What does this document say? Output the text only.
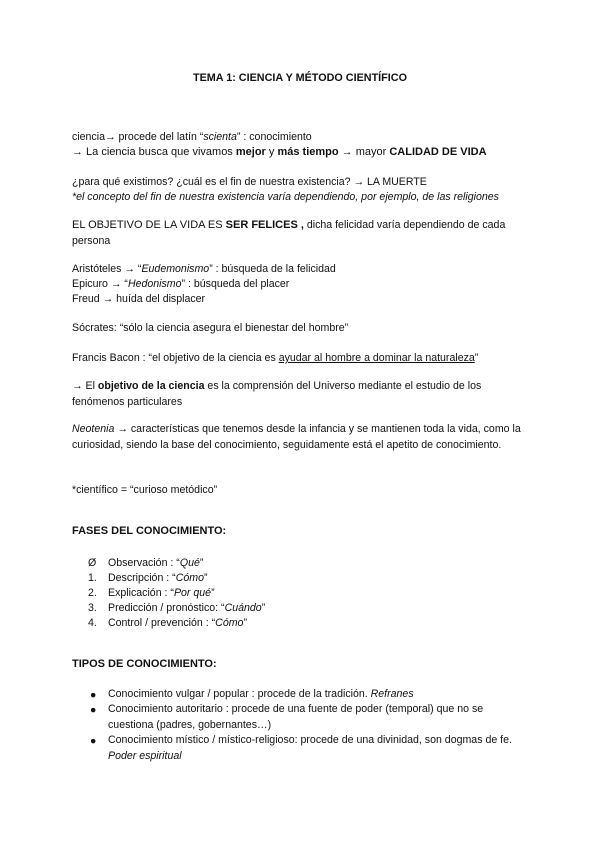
TEMA 1: CIENCIA Y MÉTODO CIENTÍFICO
ciencia→ procede del latín “scienta” : conocimiento
→ La ciencia busca que vivamos mejor y más tiempo → mayor CALIDAD DE VIDA
¿para qué existimos? ¿cuál es el fin de nuestra existencia? → LA MUERTE
*el concepto del fin de nuestra existencia varía dependiendo, por ejemplo, de las religiones
EL OBJETIVO DE LA VIDA ES SER FELICES , dicha felicidad varía dependiendo de cada persona
Aristóteles → “Eudemonismo” : búsqueda de la felicidad
Epicuro → “Hedonismo” : búsqueda del placer
Freud → huída del displacer
Sócrates: “sólo la ciencia asegura el bienestar del hombre”
Francis Bacon : “el objetivo de la ciencia es ayudar al hombre a dominar la naturaleza”
→ El objetivo de la ciencia es la comprensión del Universo mediante el estudio de los fenómenos particulares
Neotenia → características que tenemos desde la infancia y se mantienen toda la vida, como la curiosidad, siendo la base del conocimiento, seguidamente está el apetito de conocimiento.
*científico = “curioso metódico”
FASES DEL CONOCIMIENTO:
Ø	Observación : “Qué”
1.	Descripción : “Cómo”
2.	Explicación : “Por qué”
3.	Predicción / pronóstico: “Cuándo”
4.	Control / prevención : “Cómo”
TIPOS DE CONOCIMIENTO:
●	Conocimiento vulgar / popular : procede de la tradición. Refranes
●	Conocimiento autoritario : procede de una fuente de poder (temporal) que no se cuestiona (padres, gobernantes…)
●	Conocimiento místico / místico-religioso: procede de una divinidad, son dogmas de fe. Poder espiritual
